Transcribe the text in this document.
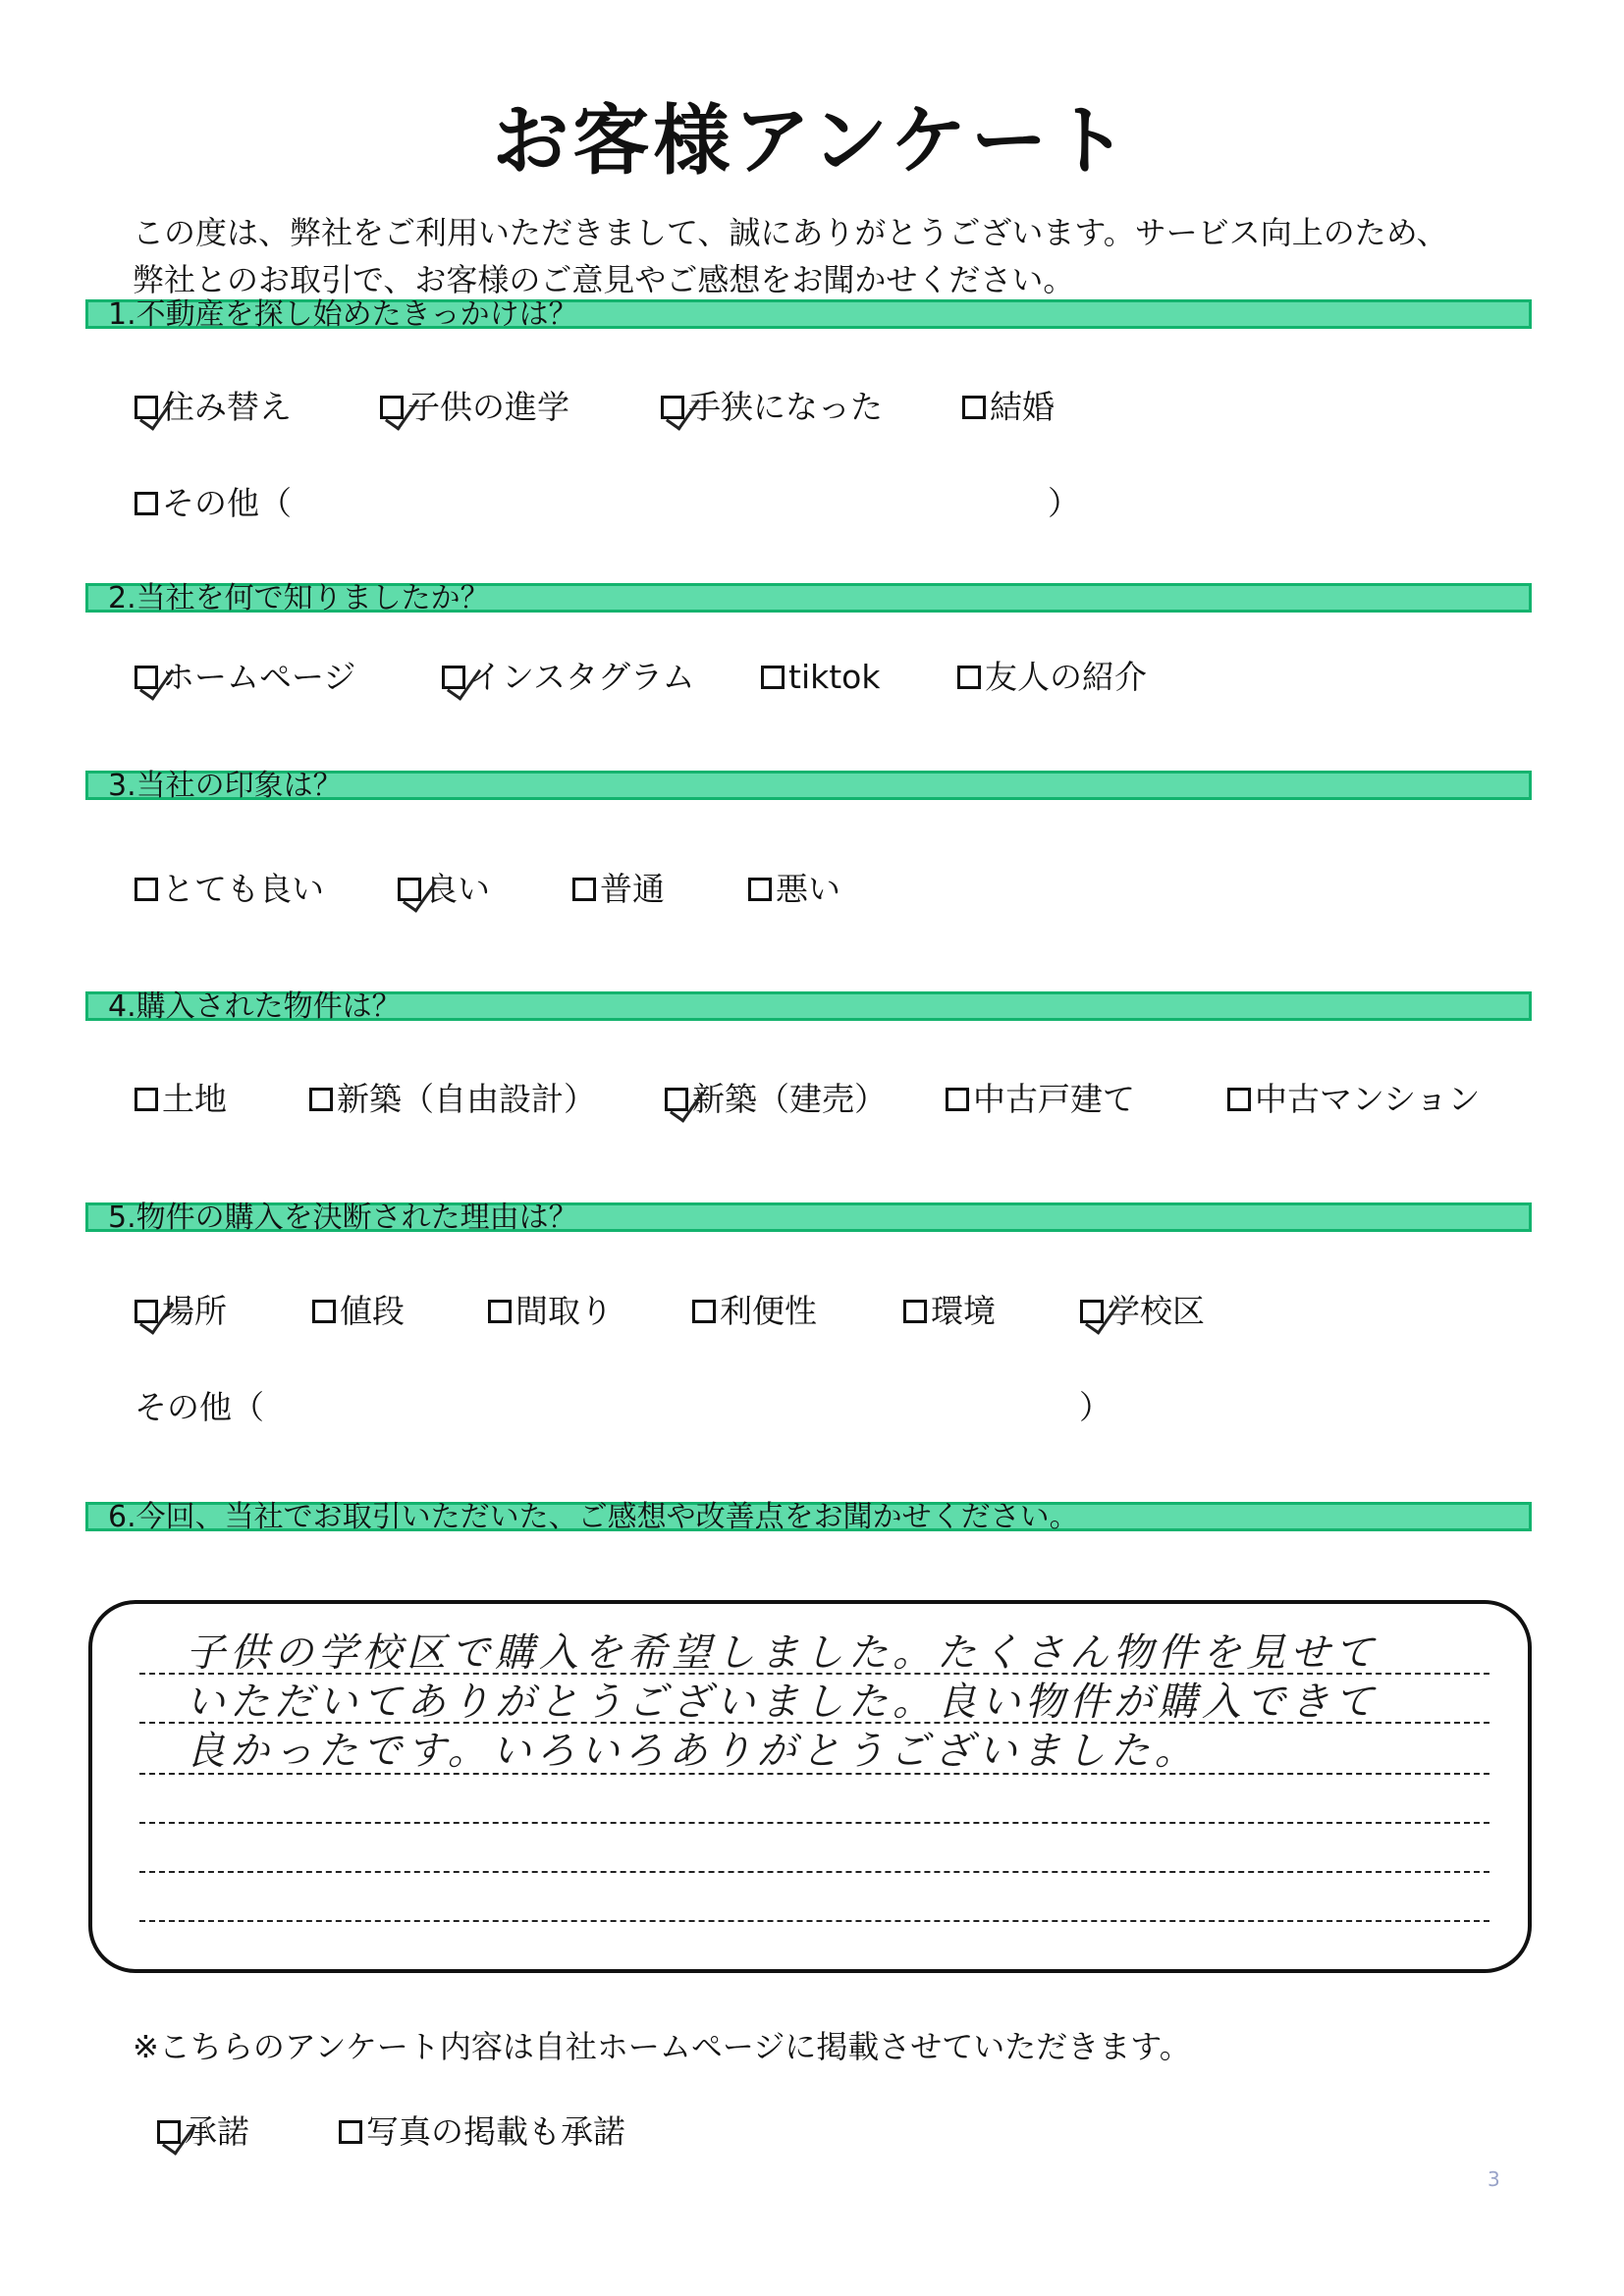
お客様アンケート
この度は、弊社をご利用いただきまして、誠にありがとうございます。サービス向上のため、
弊社とのお取引で、お客様のご意見やご感想をお聞かせください。
1.不動産を探し始めたきっかけは？
住み替え	子供の進学	手狭になった	結婚
その他（	）
2.当社を何で知りましたか？
ホームページ	インスタグラム	tiktok	友人の紹介
3.当社の印象は？
とても良い	良い	普通	悪い
4.購入された物件は？
土地	新築（自由設計）	新築（建売）	中古戸建て	中古マンション
5.物件の購入を決断された理由は？
場所	値段	間取り	利便性	環境	学校区
その他（	）
6.今回、当社でお取引いただいた、ご感想や改善点をお聞かせください。
子供の学校区で購入を希望しました。たくさん物件を見せて
いただいてありがとうございました。良い物件が購入できて
良かったです。いろいろありがとうございました。
※こちらのアンケート内容は自社ホームページに掲載させていただきます。
承諾	写真の掲載も承諾
3
